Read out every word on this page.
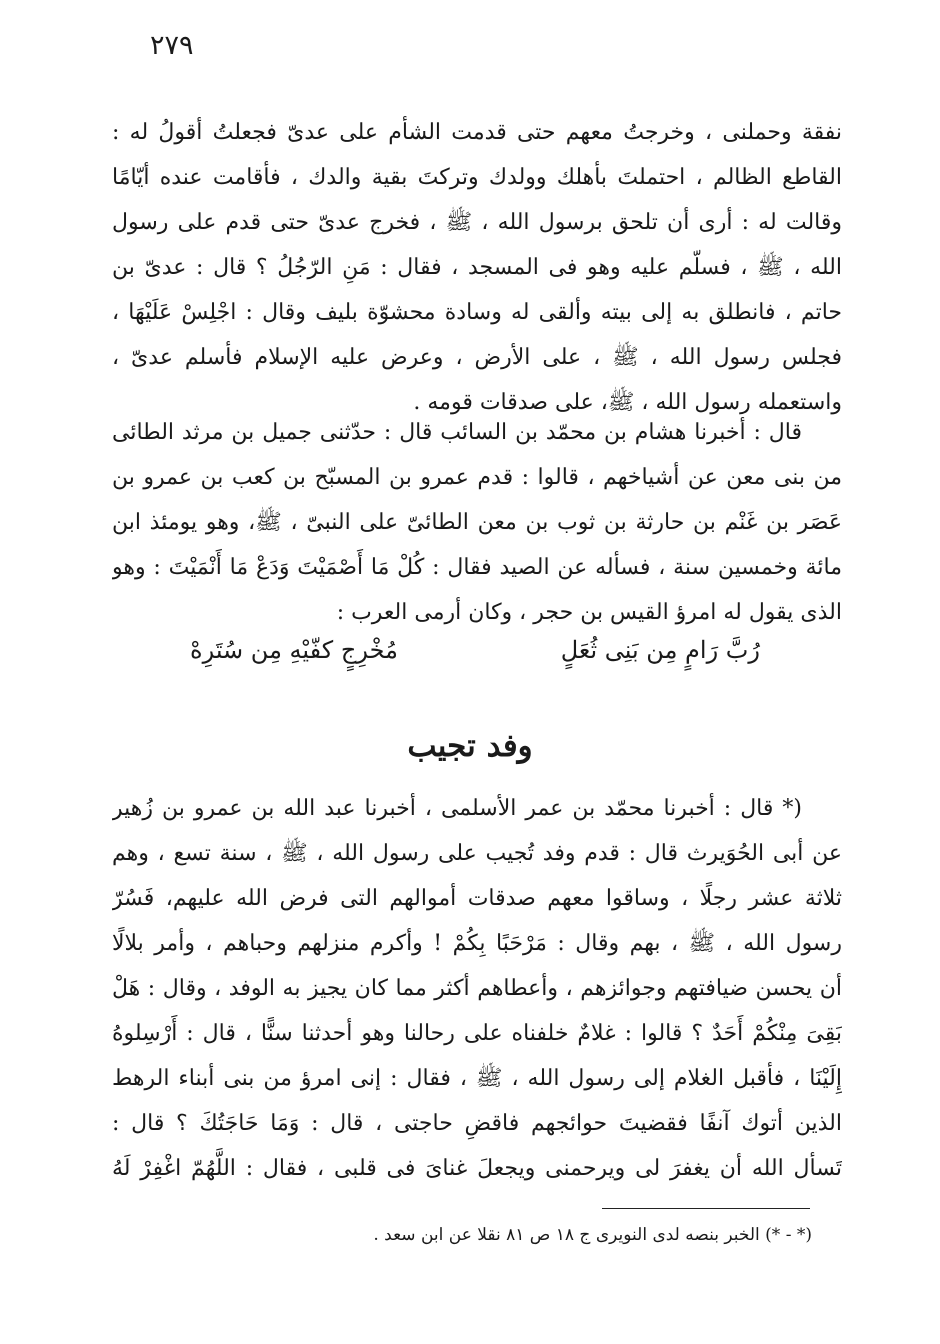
٢٧٩
نفقة وحملنى ، وخرجتُ معهم حتى قدمت الشأم على عدىّ فجعلتُ أقولُ له :
القاطع الظالم ، احتملتَ بأهلك وولدك وتركتَ بقية والدك ، فأقامت عنده أيّامًا
وقالت له : أرى أن تلحق برسول الله ، ﷺ ، فخرج عدىّ حتى قدم على رسول
الله ، ﷺ ، فسلّم عليه وهو فى المسجد ، فقال : مَنِ الرّجُلُ ؟ قال : عدىّ بن
حاتم ، فانطلق به إلى بيته وألقى له وسادة محشوّة بليف وقال : اجْلِسْ عَلَيْهَا ،
فجلس رسول الله ، ﷺ ، على الأرض ، وعرض عليه الإسلام فأسلم عدىّ ،
واستعمله رسول الله ، ﷺ، على صدقات قومه .
قال : أخبرنا هشام بن محمّد بن السائب قال : حدّثنى جميل بن مرثد الطائى
من بنى معن عن أشياخهم ، قالوا : قدم عمرو بن المسبّح بن كعب بن عمرو بن
عَصَر بن غَنْم بن حارثة بن ثوب بن معن الطائىّ على النبىّ ، ﷺ، وهو يومئذ ابن
مائة وخمسين سنة ، فسأله عن الصيد فقال : كُلْ مَا أَصْمَيْتَ وَدَعْ مَا أَنْمَيْتَ : وهو
الذى يقول له امرؤ القيس بن حجر ، وكان أرمى العرب :
رُبَّ رَامٍ مِن بَنِى ثُعَلٍ
مُخْرِجٍ كفّيْهِ مِن سُتَرِهْ
وفد تجيب
(* قال : أخبرنا محمّد بن عمر الأسلمى ، أخبرنا عبد الله بن عمرو بن زُهير
عن أبى الحُوَيرث قال : قدم وفد تُجيب على رسول الله ، ﷺ ، سنة تسع ، وهم
ثلاثة عشر رجلًا ، وساقوا معهم صدقات أموالهم التى فرض الله عليهم، فَسُرّ
رسول الله ، ﷺ ، بهم وقال : مَرْحَبًا بِكُمْ ! وأكرم منزلهم وحباهم ، وأمر بلالًا
أن يحسن ضيافتهم وجوائزهم ، وأعطاهم أكثر مما كان يجيز به الوفد ، وقال : هَلْ
بَقِىَ مِنْكُمْ أَحَدٌ ؟ قالوا : غلامٌ خلفناه على رحالنا وهو أحدثنا سنًّا ، قال : أَرْسِلوهُ
إِلَيْنَا ، فأقبل الغلام إلى رسول الله ، ﷺ ، فقال : إنى امرؤ من بنى أبناء الرهط
الذين أتوك آنفًا فقضيتَ حوائجهم فاقضِ حاجتى ، قال : وَمَا حَاجَتُكَ ؟ قال :
تَسأل الله أن يغفرَ لى ويرحمنى ويجعلَ غناىَ فى قلبى ، فقال : اللَّهُمّ اغْفِرْ لَهُ
(* - *) الخبر بنصه لدى النويرى ج ١٨ ص ٨١ نقلا عن ابن سعد .
